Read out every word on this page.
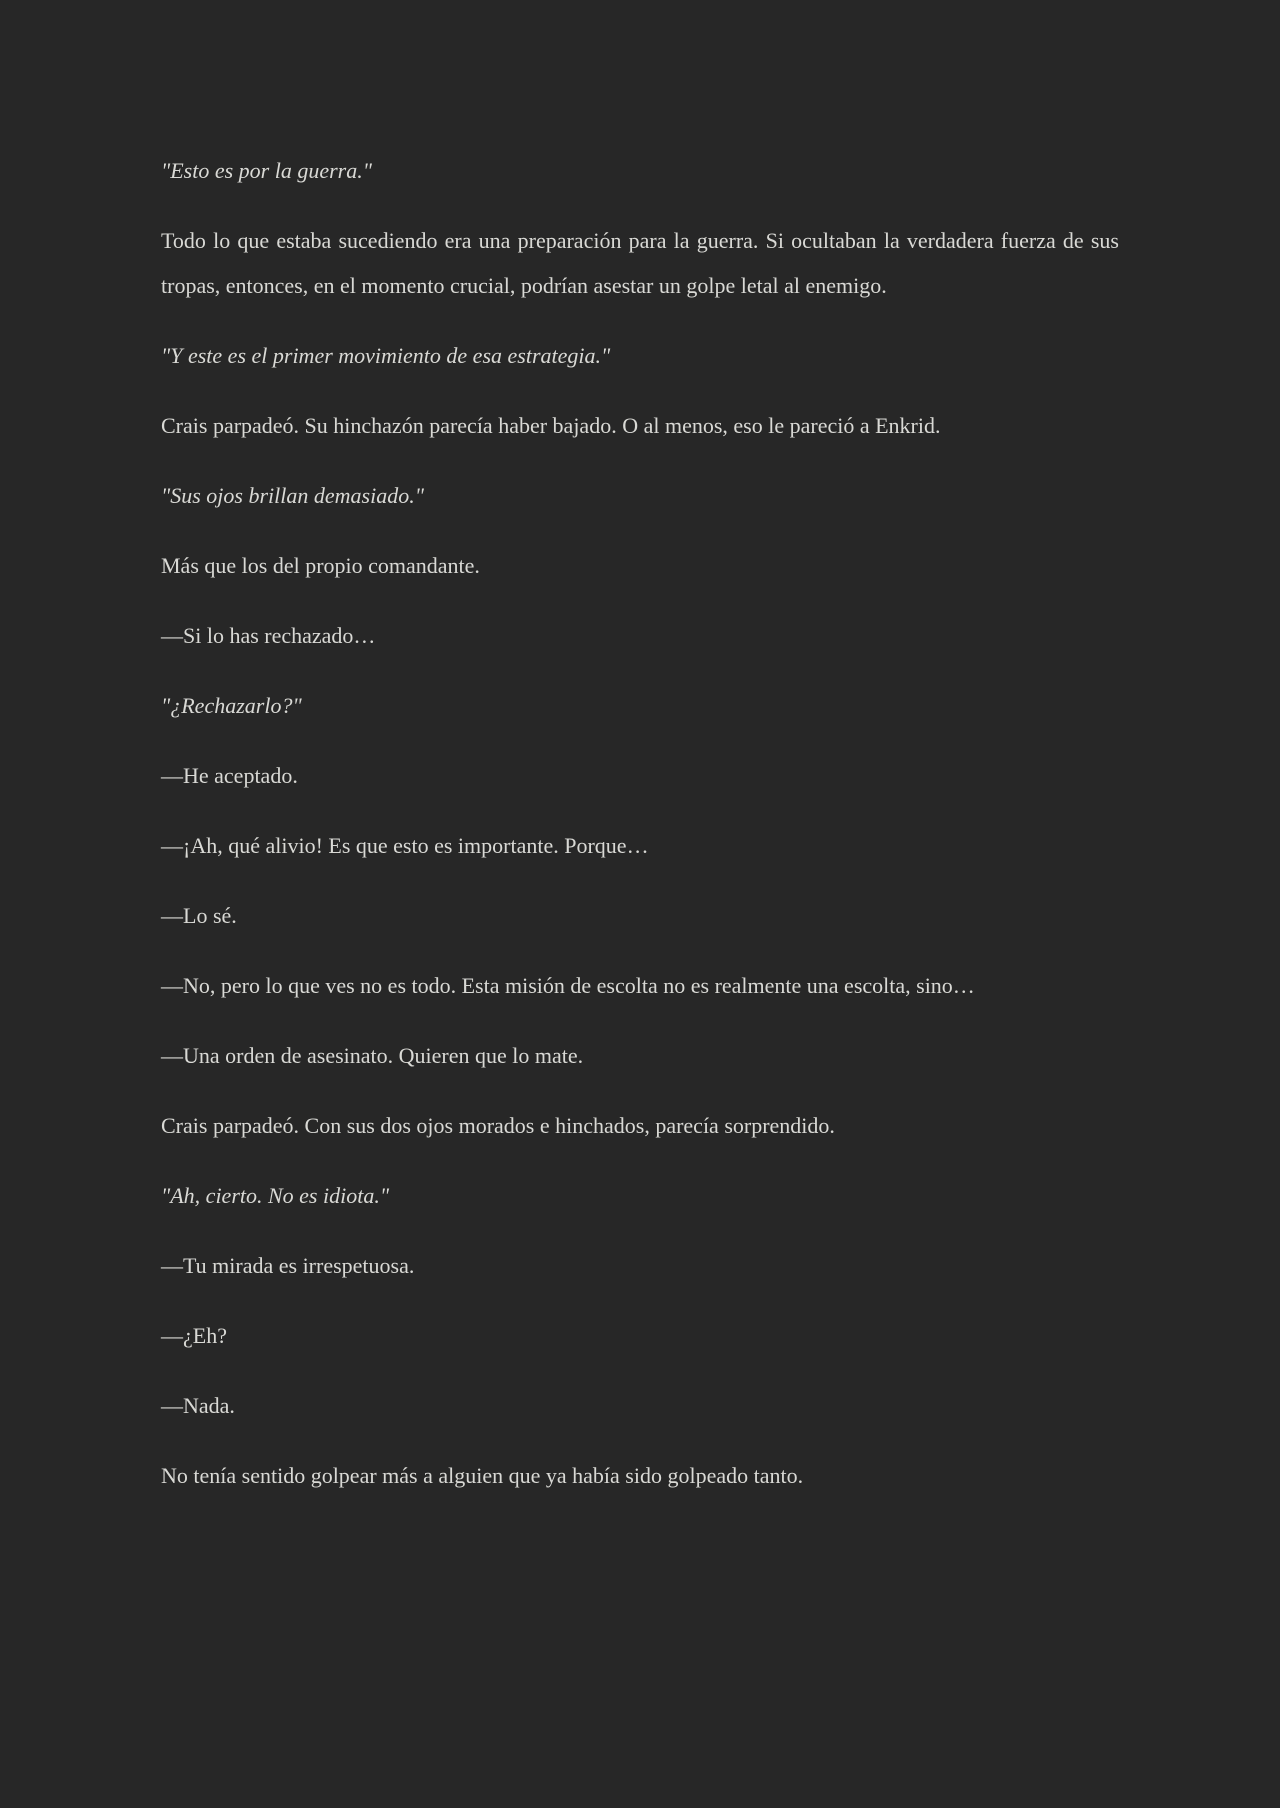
"Esto es por la guerra."

Todo lo que estaba sucediendo era una preparación para la guerra. Si ocultaban la verdadera fuerza de sus tropas, entonces, en el momento crucial, podrían asestar un golpe letal al enemigo.

"Y este es el primer movimiento de esa estrategia."

Crais parpadeó. Su hinchazón parecía haber bajado. O al menos, eso le pareció a Enkrid.

"Sus ojos brillan demasiado."

Más que los del propio comandante.

—Si lo has rechazado…

"¿Rechazarlo?"

—He aceptado.

—¡Ah, qué alivio! Es que esto es importante. Porque…

—Lo sé.

—No, pero lo que ves no es todo. Esta misión de escolta no es realmente una escolta, sino…

—Una orden de asesinato. Quieren que lo mate.

Crais parpadeó. Con sus dos ojos morados e hinchados, parecía sorprendido.

"Ah, cierto. No es idiota."

—Tu mirada es irrespetuosa.

—¿Eh?

—Nada.

No tenía sentido golpear más a alguien que ya había sido golpeado tanto.
